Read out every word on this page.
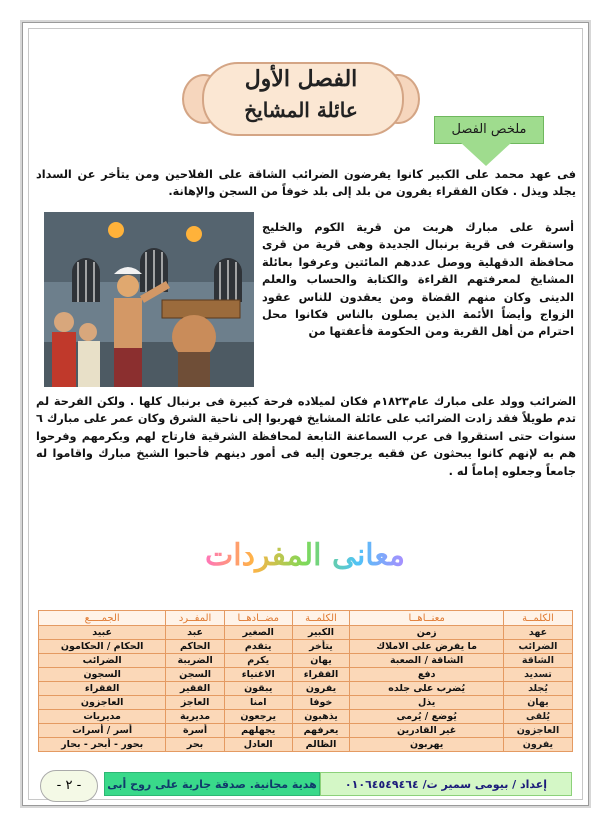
الفصل الأول
عائلة المشايخ
ملخص الفصل
فى عهد محمد على الكبير كانوا يفرضون الضرائب الشاقة على الفلاحين ومن يتأخر عن السداد يجلد ويذل . فكان الفقراء يفرون من بلد إلى بلد خوفاً من السجن والإهانة.
أسرة على مبارك هربت من قرية الكوم والخليج واستقرت فى قرية برنبال الجديدة وهى قرية من قرى محافظة الدقهلية ووصل عددهم المائتين وعرفوا بعائلة المشايخ لمعرفتهم القراءة والكتابة والحساب والعلم الدينى وكان منهم القضاة ومن يعقدون للناس عقود الزواج وأيضاً الأئمة الذين يصلون بالناس فكانوا محل احترام من أهل القرية ومن الحكومة فأعفتها من
الضرائب وولد على مبارك عام١٨٢٣م فكان لميلاده فرحة كبيرة فى برنبال كلها . ولكن الفرحة لم تدم طويلاً فقد زادت الضرائب على عائلة المشايخ فهربوا إلى ناحية الشرق وكان عمر على مبارك ٦ سنوات حتى استقروا فى عرب السماعنة التابعة لمحافظة الشرقية فارتاح لهم وبكرمهم وفرحوا هم به لإنهم كانوا يبحثون عن فقيه يرجعون إليه فى أمور دينهم فأحبوا الشيخ مبارك واقاموا له جامعاً وجعلوه إماماً له .
معانى المفردات
الكلمــة	معنــاهــا	الكلمــة	مضــادهــا	المفــرد	الجمــــع
عهد	زمن	الكبير	الصغير	عبد	عبيد
الضرائب	ما يفرض على الاملاك	يتأخر	يتقدم	الحاكم	الحكام / الحكامون
الشاقة	الشاقة / الصعبة	يهان	يكرم	الضريبة	الضرائب
تسديد	دفع	الفقراء	الاغنياء	السجن	السجون
يُجلد	يُضرب على جلده	يفرون	يبقون	الفقير	الفقراء
يهان	يذل	خوفا	امنا	العاجز	العاجزون
يُلقى	يُوضع / يُرمى	يذهبون	يرجعون	مديرية	مديريات
العاجزون	غير القادرين	يعرفهم	يجهلهم	أسرة	أسر / أسرات
يفرون	يهربون	الظالم	العادل	بحر	بحور - أبحر - بحار
- ٢ -	إعداد / بيومى سمير ت/ ٠١٠٦٤٥٤٩٤٦٤
هدية مجانية. صدقة جارية على روح أبى
